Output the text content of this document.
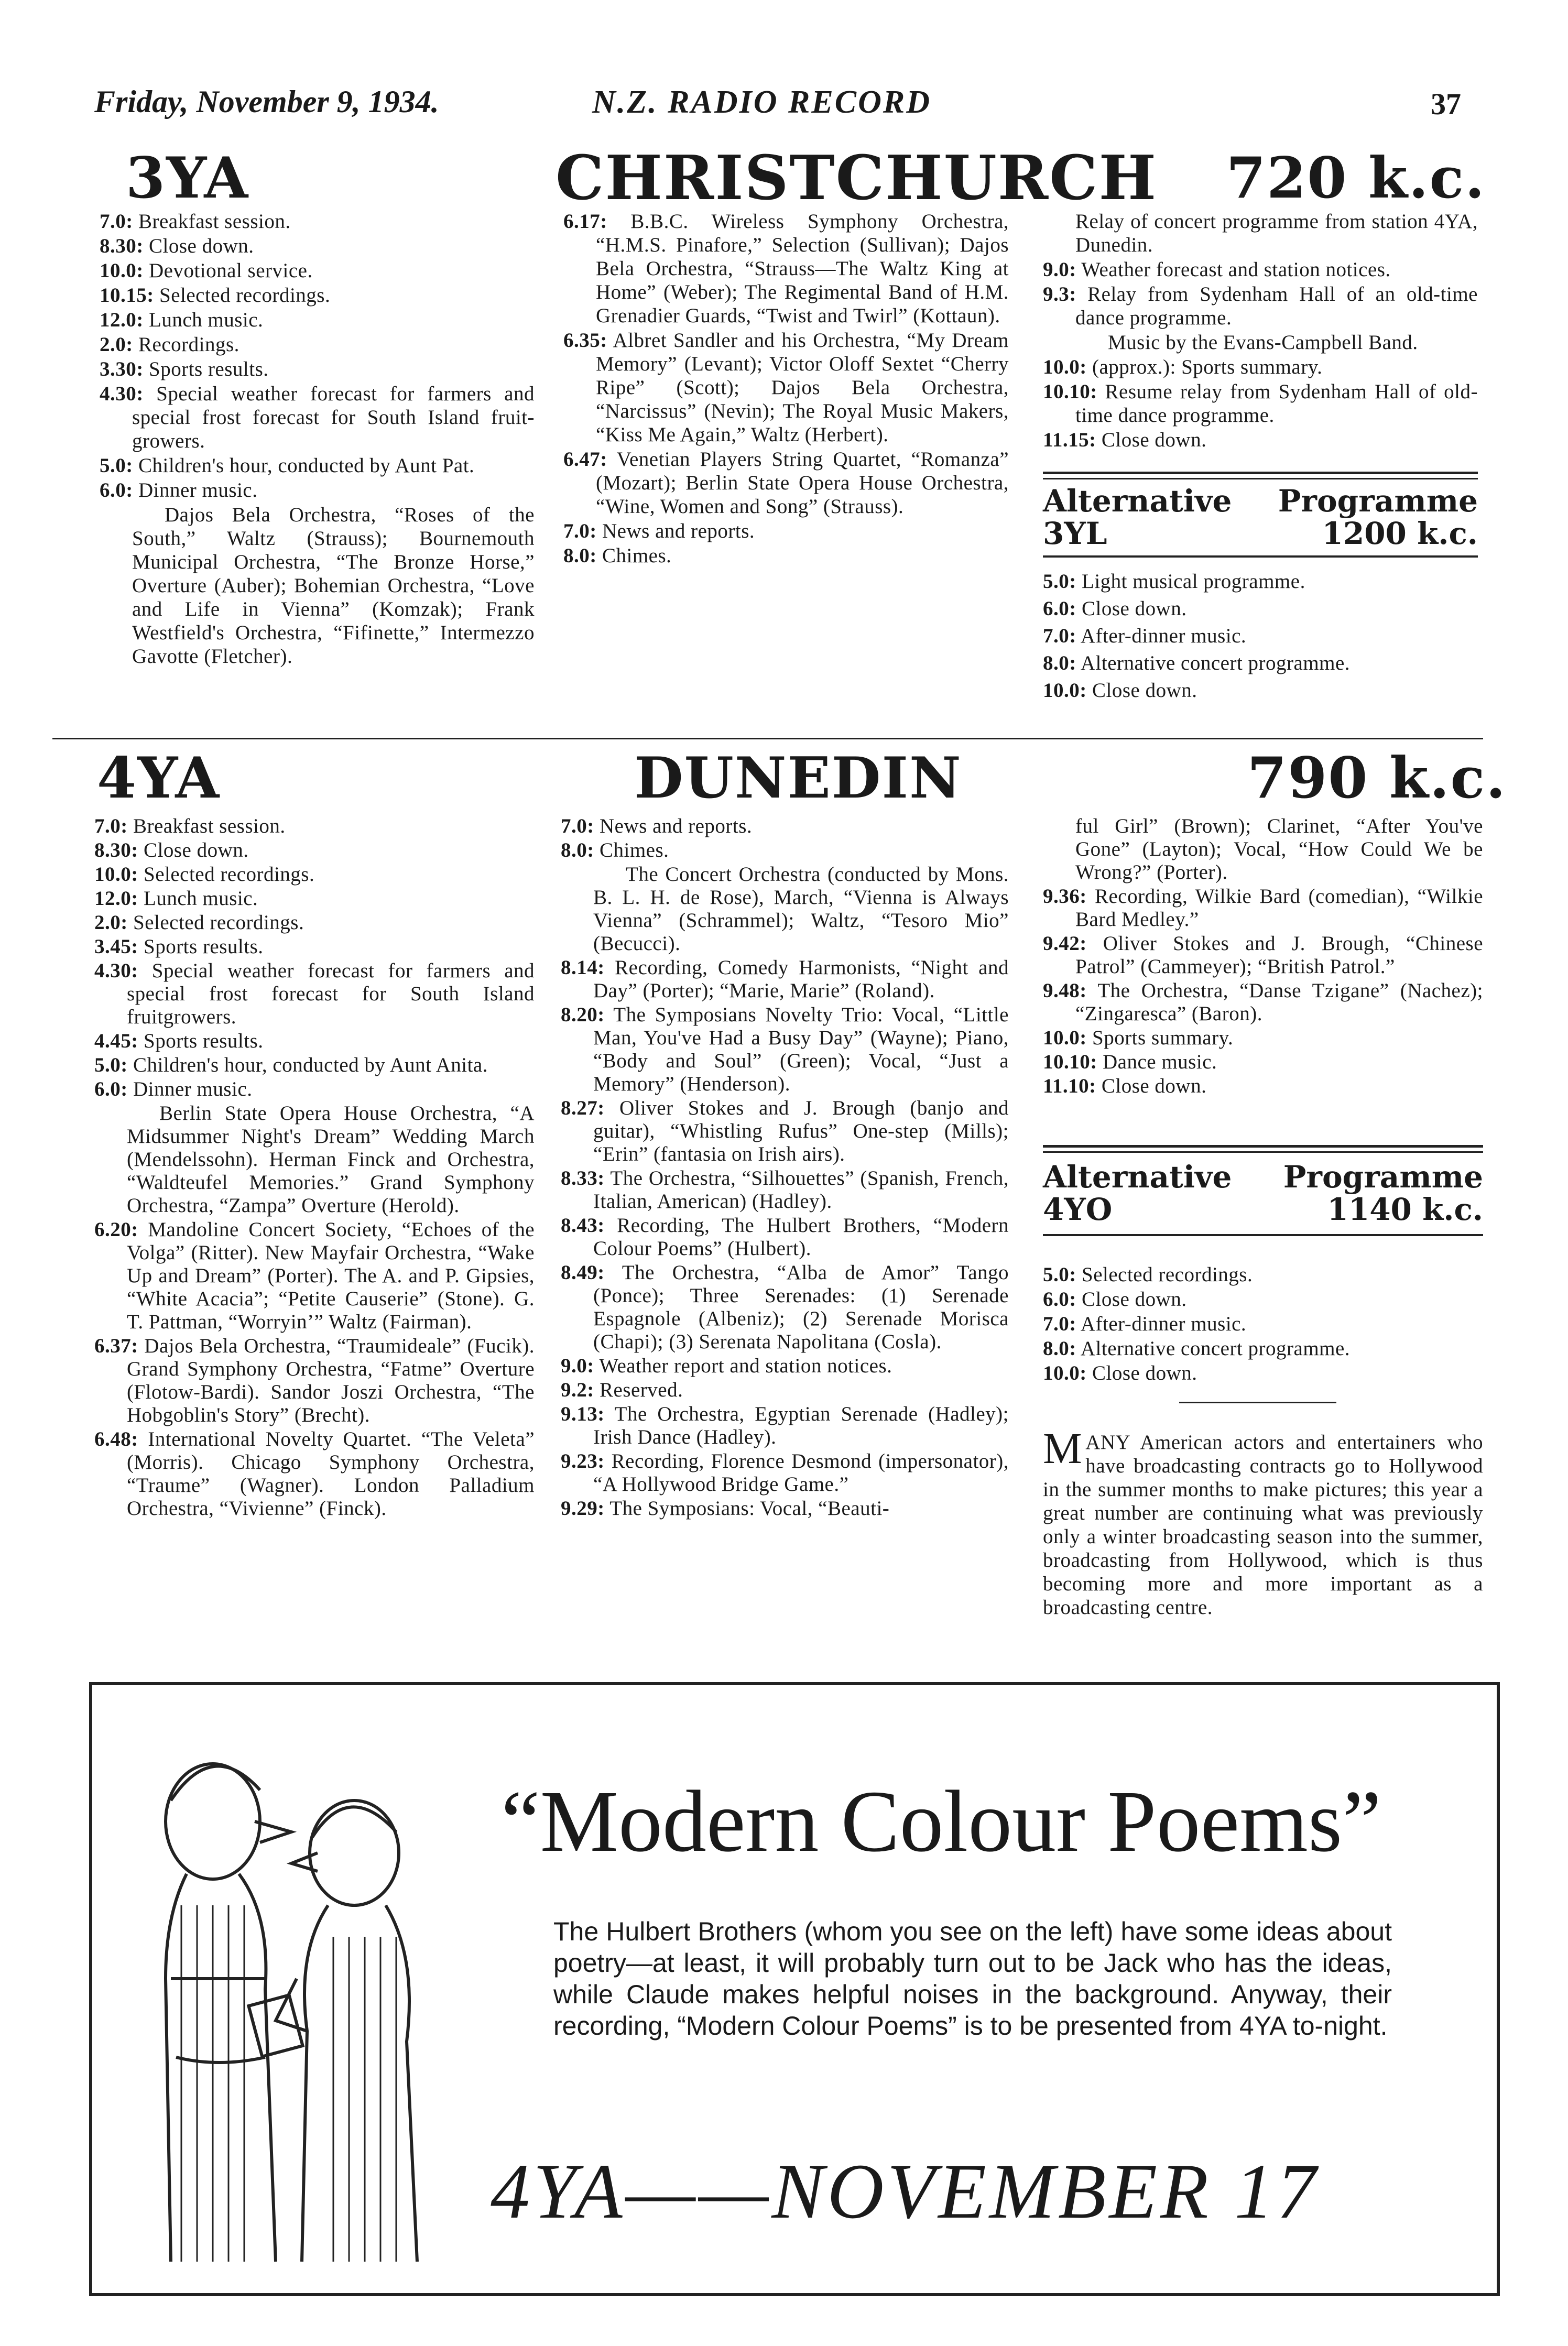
Friday, November 9, 1934.	N.Z. RADIO RECORD	37
3YA	CHRISTCHURCH 720 k.c.

7.0: Breakfast session.

8.30: Close down.

10.0: Devotional service.

10.15: Selected recordings.

12.0: Lunch music.

2.0: Recordings.

3.30: Sports results.

4.30: Special weather forecast for farmers and special frost forecast for South Island fruit-growers.

5.0: Children's hour, conducted by Aunt Pat.

6.0: Dinner music.

Dajos Bela Orchestra, “Roses of the South,” Waltz (Strauss); Bournemouth Municipal Orchestra, “The Bronze Horse,” Overture (Auber); Bohemian Orchestra, “Love and Life in Vienna” (Komzak); Frank Westfield's Orchestra, “Fifinette,” Intermezzo Gavotte (Fletcher).

6.17: B.B.C. Wireless Symphony Orchestra, “H.M.S. Pinafore,” Selection (Sullivan); Dajos Bela Orchestra, “Strauss—The Waltz King at Home” (Weber); The Regimental Band of H.M. Grenadier Guards, “Twist and Twirl” (Kottaun).

6.35: Albret Sandler and his Orchestra, “My Dream Memory” (Levant); Victor Oloff Sextet “Cherry Ripe” (Scott); Dajos Bela Orchestra, “Narcissus” (Nevin); The Royal Music Makers, “Kiss Me Again,” Waltz (Herbert).

6.47: Venetian Players String Quartet, “Romanza” (Mozart); Berlin State Opera House Orchestra, “Wine, Women and Song” (Strauss).

7.0: News and reports.

8.0: Chimes.

Relay of concert programme from station 4YA, Dunedin.

9.0: Weather forecast and station notices.

9.3: Relay from Sydenham Hall of an old-time dance programme.

Music by the Evans-Campbell Band.

10.0: (approx.): Sports summary.

10.10: Resume relay from Sydenham Hall of old-time dance programme.

11.15: Close down.

Alternative Programme
3YL	1200 k.c.

5.0: Light musical programme.

6.0: Close down.

7.0: After-dinner music.

8.0: Alternative concert programme.

10.0: Close down.

4YA	DUNEDIN	790 k.c.

7.0: Breakfast session.

8.30: Close down.

10.0: Selected recordings.

12.0: Lunch music.

2.0: Selected recordings.

3.45: Sports results.

4.30: Special weather forecast for farmers and special frost forecast for South Island fruitgrowers.

4.45: Sports results.

5.0: Children's hour, conducted by Aunt Anita.

6.0: Dinner music.

Berlin State Opera House Orchestra, “A Midsummer Night's Dream” Wedding March (Mendelssohn). Herman Finck and Orchestra, “Waldteufel Memories.” Grand Symphony Orchestra, “Zampa” Overture (Herold).

6.20: Mandoline Concert Society, “Echoes of the Volga” (Ritter). New Mayfair Orchestra, “Wake Up and Dream” (Porter). The A. and P. Gipsies, “White Acacia”; “Petite Causerie” (Stone). G. T. Pattman, “Worryin’” Waltz (Fairman).

6.37: Dajos Bela Orchestra, “Traumideale” (Fucik). Grand Symphony Orchestra, “Fatme” Overture (Flotow-Bardi). Sandor Joszi Orchestra, “The Hobgoblin's Story” (Brecht).

6.48: International Novelty Quartet. “The Veleta” (Morris). Chicago Symphony Orchestra, “Traume” (Wagner). London Palladium Orchestra, “Vivienne” (Finck).

7.0: News and reports.

8.0: Chimes.

The Concert Orchestra (conducted by Mons. B. L. H. de Rose), March, “Vienna is Always Vienna” (Schrammel); Waltz, “Tesoro Mio” (Becucci).

8.14: Recording, Comedy Harmonists, “Night and Day” (Porter); “Marie, Marie” (Roland).

8.20: The Symposians Novelty Trio: Vocal, “Little Man, You've Had a Busy Day” (Wayne); Piano, “Body and Soul” (Green); Vocal, “Just a Memory” (Henderson).

8.27: Oliver Stokes and J. Brough (banjo and guitar), “Whistling Rufus” One-step (Mills); “Erin” (fantasia on Irish airs).

8.33: The Orchestra, “Silhouettes” (Spanish, French, Italian, American) (Hadley).

8.43: Recording, The Hulbert Brothers, “Modern Colour Poems” (Hulbert).

8.49: The Orchestra, “Alba de Amor” Tango (Ponce); Three Serenades: (1) Serenade Espagnole (Albeniz); (2) Serenade Morisca (Chapi); (3) Serenata Napolitana (Cosla).

9.0: Weather report and station notices.

9.2: Reserved.

9.13: The Orchestra, Egyptian Serenade (Hadley); Irish Dance (Hadley).

9.23: Recording, Florence Desmond (impersonator), “A Hollywood Bridge Game.”

9.29: The Symposians: Vocal, “Beauti-

ful Girl” (Brown); Clarinet, “After You've Gone” (Layton); Vocal, “How Could We be Wrong?” (Porter).

9.36: Recording, Wilkie Bard (comedian), “Wilkie Bard Medley.”

9.42: Oliver Stokes and J. Brough, “Chinese Patrol” (Cammeyer); “British Patrol.”

9.48: The Orchestra, “Danse Tzigane” (Nachez); “Zingaresca” (Baron).

10.0: Sports summary.

10.10: Dance music.

11.10: Close down.

Alternative Programme
4YO	1140 k.c.

5.0: Selected recordings.

6.0: Close down.

7.0: After-dinner music.

8.0: Alternative concert programme.

10.0: Close down.

MANY American actors and entertainers who have broadcasting contracts go to Hollywood in the summer months to make pictures; this year a great number are continuing what was previously only a winter broadcasting season into the summer, broadcasting from Hollywood, which is thus becoming more and more important as a broadcasting centre.
“Modern Colour Poems”
The Hulbert Brothers (whom you see on the left) have some ideas about poetry—at least, it will probably turn out to be Jack who has the ideas, while Claude makes helpful noises in the background. Anyway, their recording, “Modern Colour Poems” is to be presented from 4YA to-night.
4YA——NOVEMBER 17
